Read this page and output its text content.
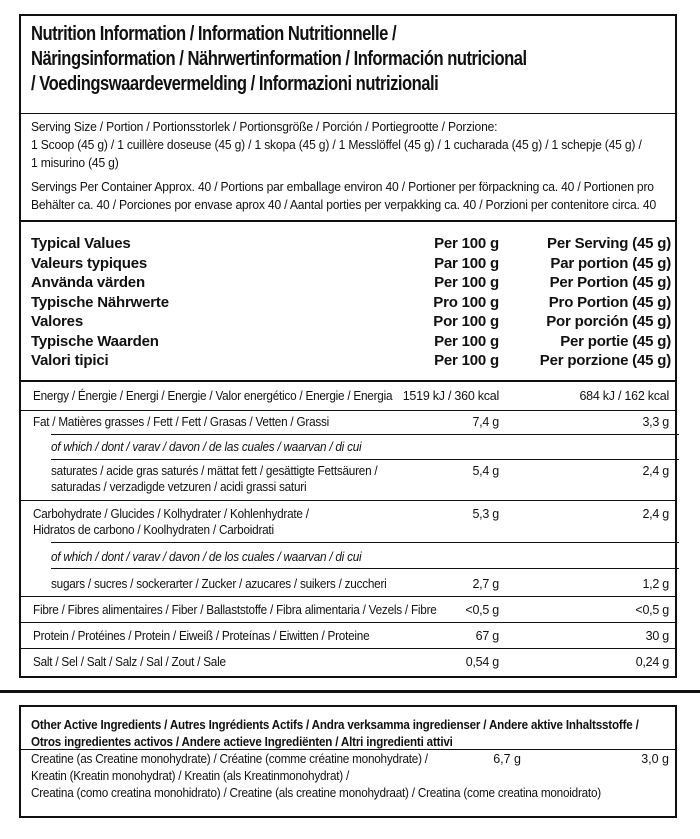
Nutrition Information / Information Nutritionnelle /
Näringsinformation / Nährwertinformation / Información nutricional
/ Voedingswaardevermelding / Informazioni nutrizionali
Serving Size / Portion / Portionsstorlek / Portionsgröße / Porción / Portiegrootte / Porzione:
1 Scoop (45 g) / 1 cuillère doseuse (45 g) / 1 skopa (45 g) / 1 Messlöffel (45 g) / 1 cucharada (45 g) / 1 schepje (45 g) /
1 misurino (45 g)
Servings Per Container Approx. 40 / Portions par emballage environ 40 / Portioner per förpackning ca. 40 / Portionen pro
Behälter ca. 40 / Porciones por envase aprox 40 / Aantal porties per verpakking ca. 40 / Porzioni per contenitore circa. 40
Typical Values	Per 100 g	Per Serving (45 g)
Valeurs typiques	Par 100 g	Par portion (45 g)
Använda värden	Per 100 g	Per Portion (45 g)
Typische Nährwerte	Pro 100 g	Pro Portion (45 g)
Valores	Por 100 g	Por porción (45 g)
Typische Waarden	Per 100 g	Per portie (45 g)
Valori tipici	Per 100 g	Per porzione (45 g)
Energy / Énergie / Energi / Energie / Valor energético / Energie / Energia 1519 kJ / 360 kcal	684 kJ / 162 kcal
Fat / Matières grasses / Fett / Fett / Grasas / Vetten / Grassi	7,4 g	3,3 g
of which / dont / varav / davon / de las cuales / waarvan / di cui
saturates / acide gras saturés / mättat fett / gesättigte Fettsäuren /
saturadas / verzadigde vetzuren / acidi grassi saturi
5,4 g	2,4 g
Carbohydrate / Glucides / Kolhydrater / Kohlenhydrate /
Hidratos de carbono / Koolhydraten / Carboidrati
5,3 g	2,4 g
of which / dont / varav / davon / de los cuales / waarvan / di cui
sugars / sucres / sockerarter / Zucker / azucares / suikers / zuccheri	2,7 g	1,2 g
Fibre / Fibres alimentaires / Fiber / Ballaststoffe / Fibra alimentaria / Vezels / Fibre	<0,5 g	<0,5 g
Protein / Protéines / Protein / Eiweiß / Proteínas / Eiwitten / Proteine	67 g	30 g
Salt / Sel / Salt / Salz / Sal / Zout / Sale	0,54 g	0,24 g
Other Active Ingredients / Autres Ingrédients Actifs / Andra verksamma ingredienser / Andere aktive Inhaltsstoffe /
Otros ingredientes activos / Andere actieve Ingrediënten / Altri ingredienti attivi
Creatine (as Creatine monohydrate) / Créatine (comme créatine monohydrate) /
Kreatin (Kreatin monohydrat) / Kreatin (als Kreatinmonohydrat) /
Creatina (como creatina monohidrato) / Creatine (als creatine monohydraat) / Creatina (come creatina monoidrato)
6,7 g	3,0 g
